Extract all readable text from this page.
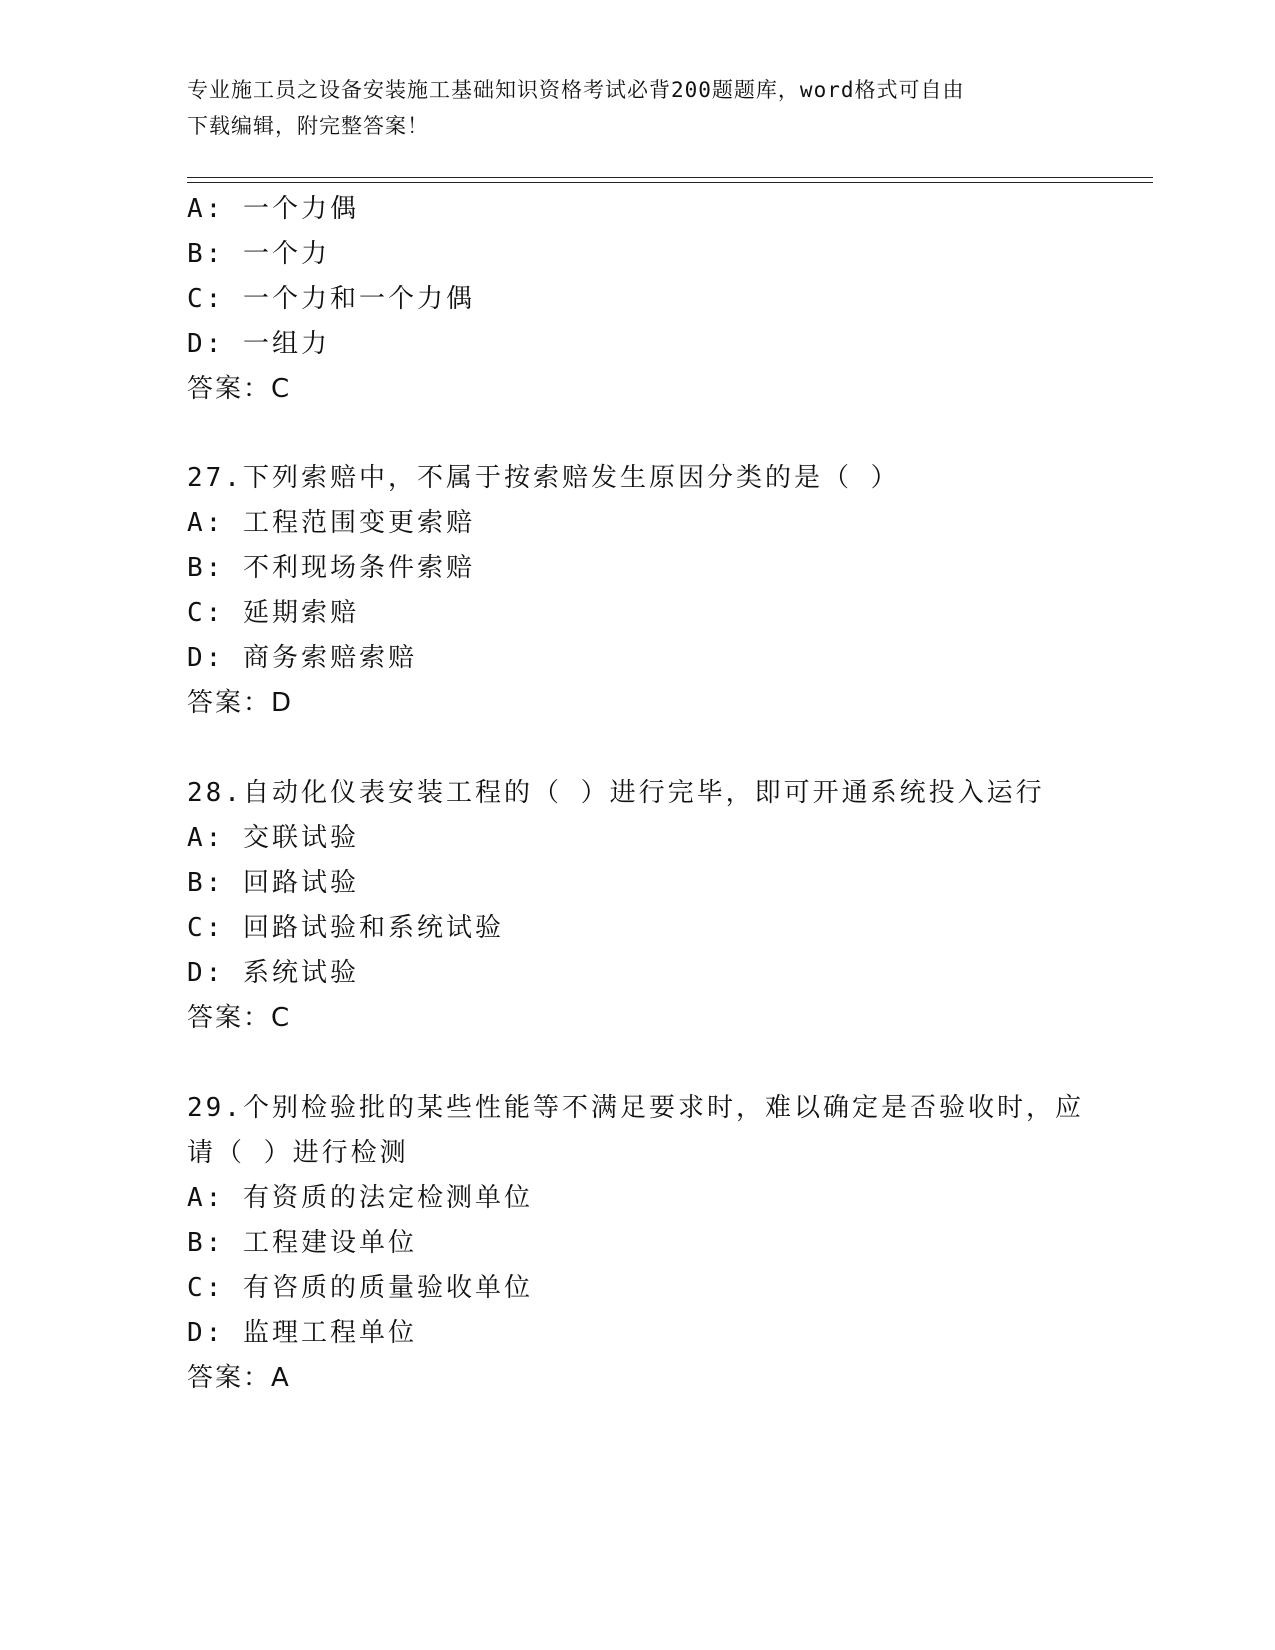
专业施工员之设备安装施工基础知识资格考试必背200题题库，word格式可自由
下载编辑，附完整答案！
A: 一个力偶
B: 一个力
C: 一个力和一个力偶
D: 一组力
答案：C
27.下列索赔中，不属于按索赔发生原因分类的是（ ）
A: 工程范围变更索赔
B: 不利现场条件索赔
C: 延期索赔
D: 商务索赔索赔
答案：D
28.自动化仪表安装工程的（ ）进行完毕，即可开通系统投入运行
A: 交联试验
B: 回路试验
C: 回路试验和系统试验
D: 系统试验
答案：C
29.个别检验批的某些性能等不满足要求时，难以确定是否验收时，应
请（ ）进行检测
A: 有资质的法定检测单位
B: 工程建设单位
C: 有咨质的质量验收单位
D: 监理工程单位
答案：A
